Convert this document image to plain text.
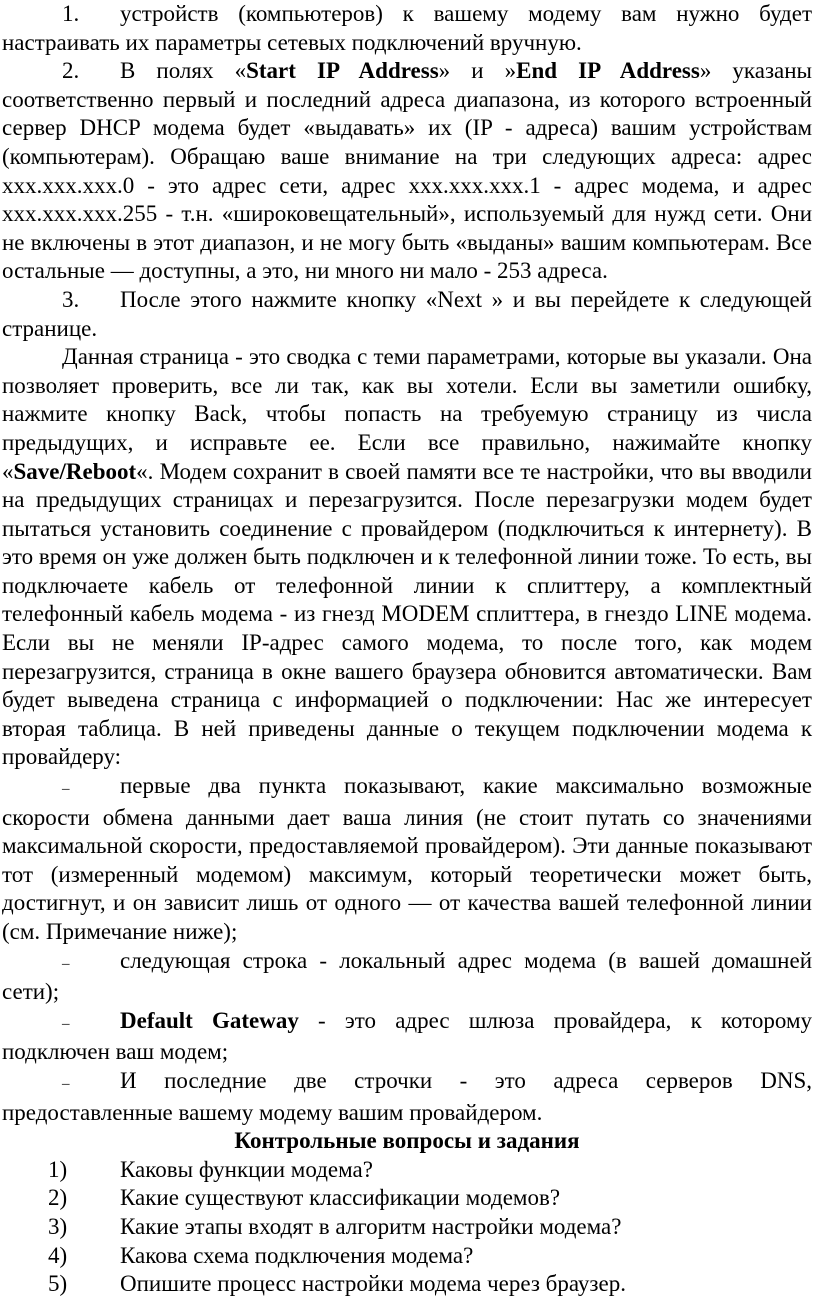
1. устройств (компьютеров) к вашему модему вам нужно будет настраивать их параметры сетевых подключений вручную.

2. В полях «Start IP Address» и »End IP Address» указаны соответственно первый и последний адреса диапазона, из которого встроенный сервер DHCP модема будет «выдавать» их (IP - адреса) вашим устройствам (компьютерам). Обращаю ваше внимание на три следующих адреса: адрес xxx.xxx.xxx.0 - это адрес сети, адрес xxx.xxx.xxx.1 - адрес модема, и адрес xxx.xxx.xxx.255 - т.н. «широковещательный», используемый для нужд сети. Они не включены в этот диапазон, и не могу быть «выданы» вашим компьютерам. Все остальные — доступны, а это, ни много ни мало - 253 адреса.

3. После этого нажмите кнопку «Next » и вы перейдете к следующей странице.

Данная страница - это сводка с теми параметрами, которые вы указали. Она позволяет проверить, все ли так, как вы хотели. Если вы заметили ошибку, нажмите кнопку Back, чтобы попасть на требуемую страницу из числа предыдущих, и исправьте ее. Если все правильно, нажимайте кнопку «Save/Reboot«. Модем сохранит в своей памяти все те настройки, что вы вводили на предыдущих страницах и перезагрузится. После перезагрузки модем будет пытаться установить соединение с провайдером (подключиться к интернету). В это время он уже должен быть подключен и к телефонной линии тоже. То есть, вы подключаете кабель от телефонной линии к сплиттеру, а комплектный телефонный кабель модема - из гнезд MODEM сплиттера, в гнездо LINE модема. Если вы не меняли IP-адрес самого модема, то после того, как модем перезагрузится, страница в окне вашего браузера обновится автоматически. Вам будет выведена страница с информацией о подключении: Нас же интересует вторая таблица. В ней приведены данные о текущем подключении модема к провайдеру:

– первые два пункта показывают, какие максимально возможные скорости обмена данными дает ваша линия (не стоит путать со значениями максимальной скорости, предоставляемой провайдером). Эти данные показывают тот (измеренный модемом) максимум, который теоретически может быть, достигнут, и он зависит лишь от одного — от качества вашей телефонной линии (см. Примечание ниже);

– следующая строка - локальный адрес модема (в вашей домашней сети);

– Default Gateway - это адрес шлюза провайдера, к которому подключен ваш модем;

– И последние две строчки - это адреса серверов DNS, предоставленные вашему модему вашим провайдером.

Контрольные вопросы и задания
1)	Каковы функции модема?
2)	Какие существуют классификации модемов?
3)	Какие этапы входят в алгоритм настройки модема?
4)	Какова схема подключения модема?
5)	Опишите процесс настройки модема через браузер.
